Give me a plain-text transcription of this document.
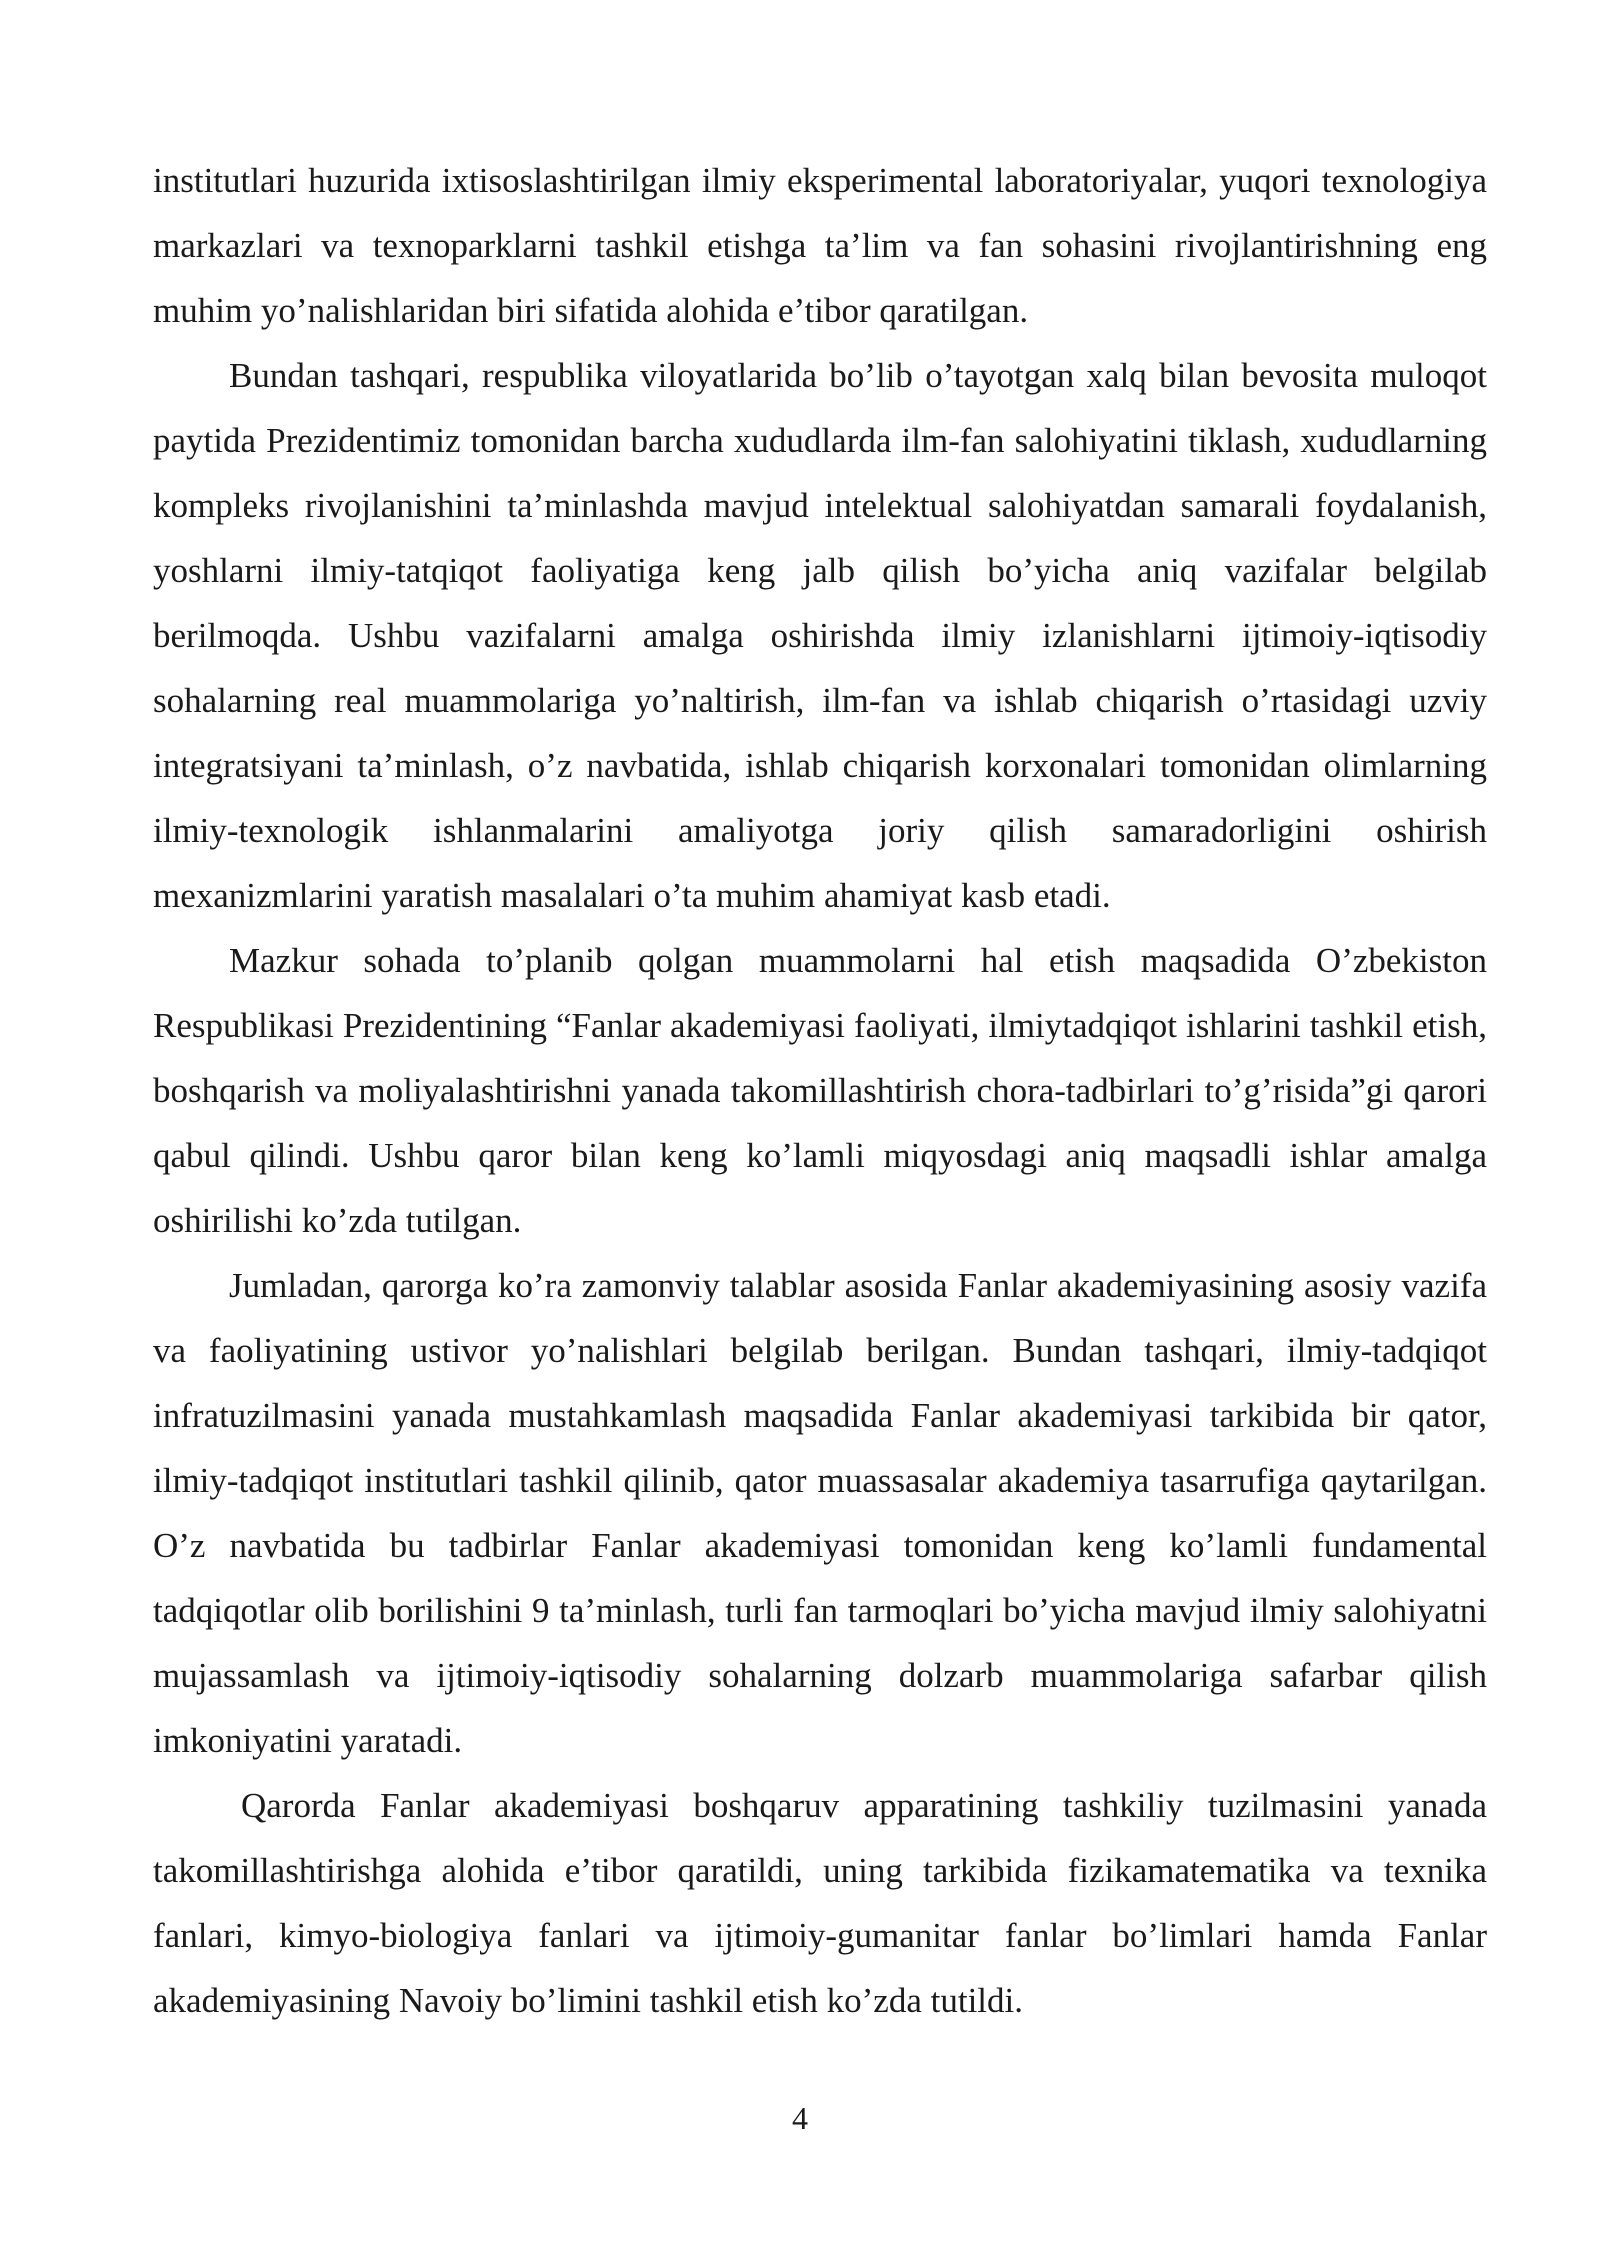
institutlari huzurida ixtisoslashtirilgan ilmiy eksperimental laboratoriyalar, yuqori texnologiya markazlari va texnoparklarni tashkil etishga ta’lim va fan sohasini rivojlantirishning eng muhim yo’nalishlaridan biri sifatida alohida e’tibor qaratilgan.

Bundan tashqari, respublika viloyatlarida bo’lib o’tayotgan xalq bilan bevosita muloqot paytida Prezidentimiz tomonidan barcha xududlarda ilm-fan salohiyatini tiklash, xududlarning kompleks rivojlanishini ta’minlashda mavjud intelektual salohiyatdan samarali foydalanish, yoshlarni ilmiy-tatqiqot faoliyatiga keng jalb qilish bo’yicha aniq vazifalar belgilab berilmoqda. Ushbu vazifalarni amalga oshirishda ilmiy izlanishlarni ijtimoiy-iqtisodiy sohalarning real muammolariga yo’naltirish, ilm-fan va ishlab chiqarish o’rtasidagi uzviy integratsiyani ta’minlash, o’z navbatida, ishlab chiqarish korxonalari tomonidan olimlarning ilmiy-texnologik ishlanmalarini amaliyotga joriy qilish samaradorligini oshirish mexanizmlarini yaratish masalalari o’ta muhim ahamiyat kasb etadi.

Mazkur sohada to’planib qolgan muammolarni hal etish maqsadida O’zbekiston Respublikasi Prezidentining “Fanlar akademiyasi faoliyati, ilmiytadqiqot ishlarini tashkil etish, boshqarish va moliyalashtirishni yanada takomillashtirish chora-tadbirlari to’g’risida”gi qarori qabul qilindi. Ushbu qaror bilan keng ko’lamli miqyosdagi aniq maqsadli ishlar amalga oshirilishi ko’zda tutilgan.

Jumladan, qarorga ko’ra zamonviy talablar asosida Fanlar akademiyasining asosiy vazifa va faoliyatining ustivor yo’nalishlari belgilab berilgan. Bundan tashqari, ilmiy-tadqiqot infratuzilmasini yanada mustahkamlash maqsadida Fanlar akademiyasi tarkibida bir qator, ilmiy-tadqiqot institutlari tashkil qilinib, qator muassasalar akademiya tasarrufiga qaytarilgan. O’z navbatida bu tadbirlar Fanlar akademiyasi tomonidan keng ko’lamli fundamental tadqiqotlar olib borilishini 9 ta’minlash, turli fan tarmoqlari bo’yicha mavjud ilmiy salohiyatni mujassamlash va ijtimoiy-iqtisodiy sohalarning dolzarb muammolariga safarbar qilish imkoniyatini yaratadi.

Qarorda Fanlar akademiyasi boshqaruv apparatining tashkiliy tuzilmasini yanada takomillashtirishga alohida e’tibor qaratildi, uning tarkibida fizikamatematika va texnika fanlari, kimyo-biologiya fanlari va ijtimoiy-gumanitar fanlar bo’limlari hamda Fanlar akademiyasining Navoiy bo’limini tashkil etish ko’zda tutildi.

4
